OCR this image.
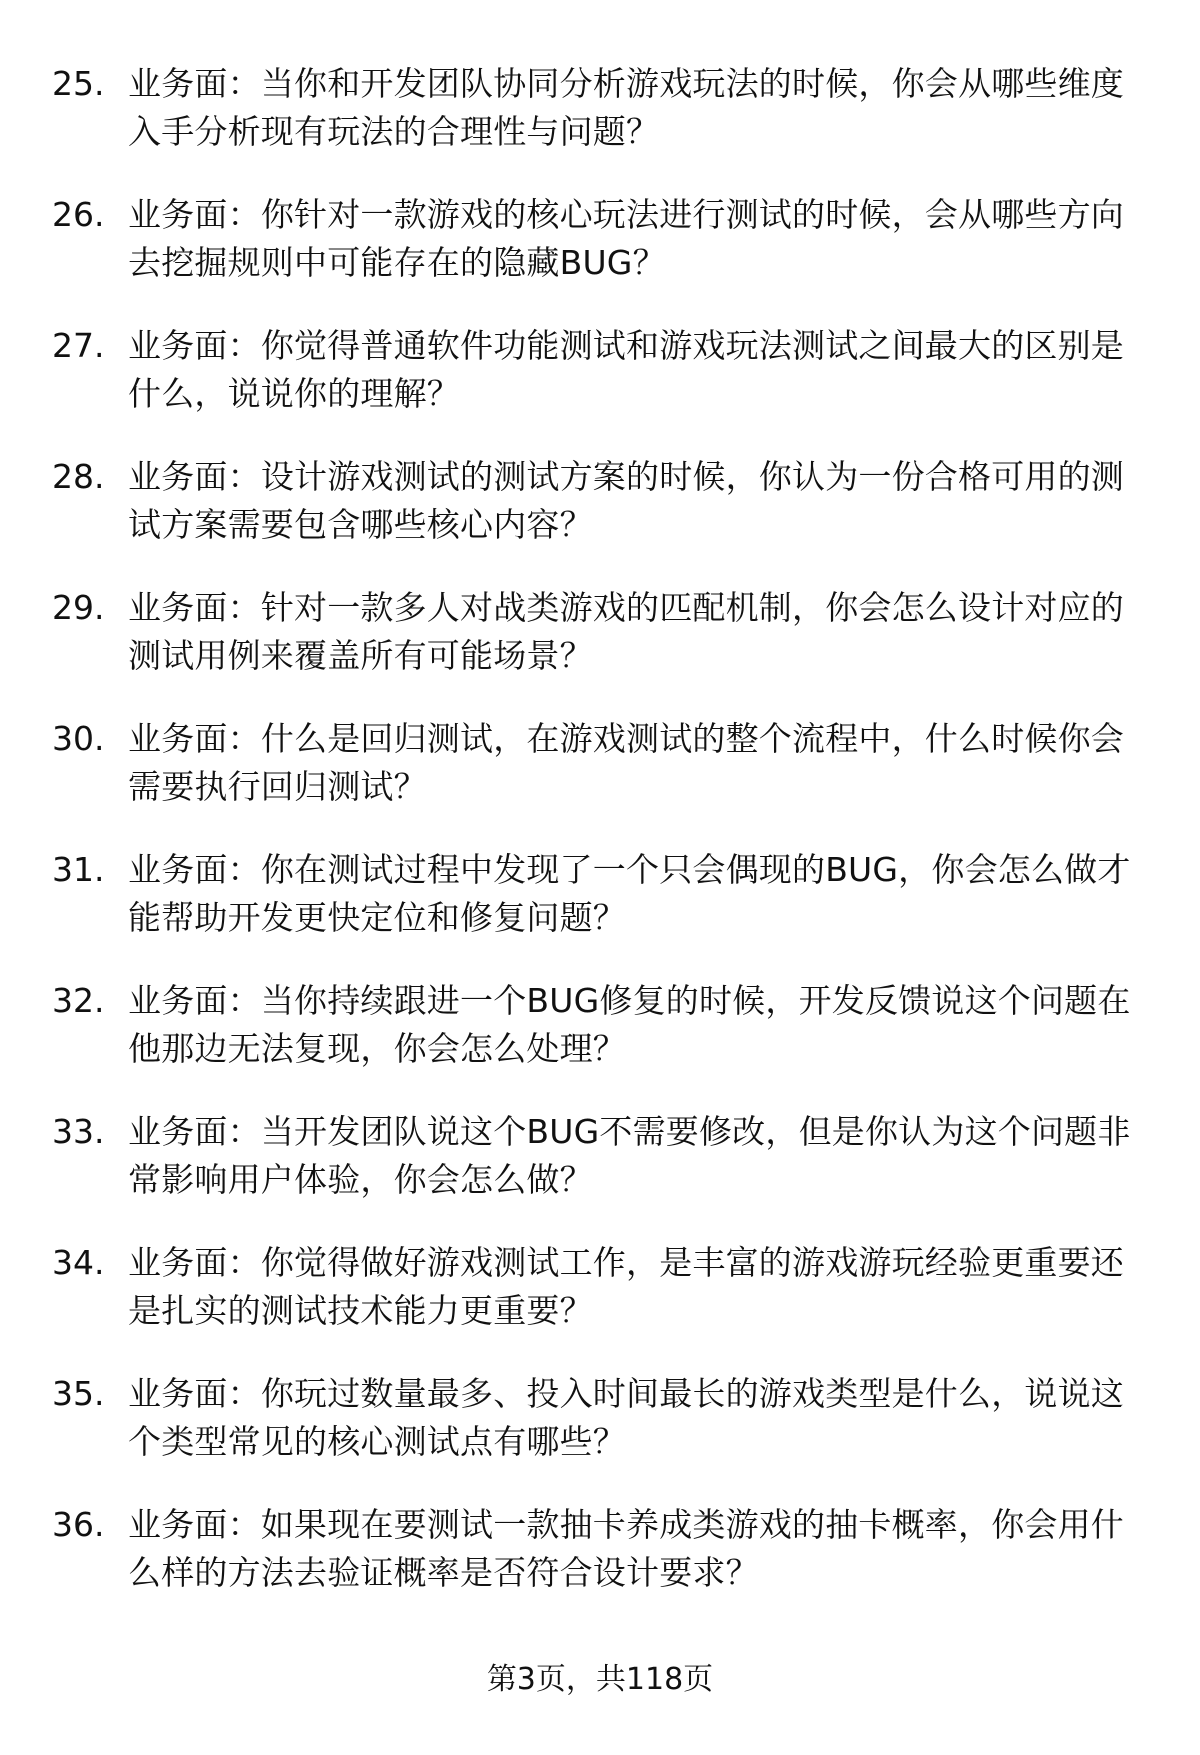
25. 业务面：当你和开发团队协同分析游戏玩法的时候，你会从哪些维度入手分析现有玩法的合理性与问题？
26. 业务面：你针对一款游戏的核心玩法进行测试的时候，会从哪些方向去挖掘规则中可能存在的隐藏BUG？
27. 业务面：你觉得普通软件功能测试和游戏玩法测试之间最大的区别是什么，说说你的理解？
28. 业务面：设计游戏测试的测试方案的时候，你认为一份合格可用的测试方案需要包含哪些核心内容？
29. 业务面：针对一款多人对战类游戏的匹配机制，你会怎么设计对应的测试用例来覆盖所有可能场景？
30. 业务面：什么是回归测试，在游戏测试的整个流程中，什么时候你会需要执行回归测试？
31. 业务面：你在测试过程中发现了一个只会偶现的BUG，你会怎么做才能帮助开发更快定位和修复问题？
32. 业务面：当你持续跟进一个BUG修复的时候，开发反馈说这个问题在他那边无法复现，你会怎么处理？
33. 业务面：当开发团队说这个BUG不需要修改，但是你认为这个问题非常影响用户体验，你会怎么做？
34. 业务面：你觉得做好游戏测试工作，是丰富的游戏游玩经验更重要还是扎实的测试技术能力更重要？
35. 业务面：你玩过数量最多、投入时间最长的游戏类型是什么，说说这个类型常见的核心测试点有哪些？
36. 业务面：如果现在要测试一款抽卡养成类游戏的抽卡概率，你会用什么样的方法去验证概率是否符合设计要求？
第3页，共118页
